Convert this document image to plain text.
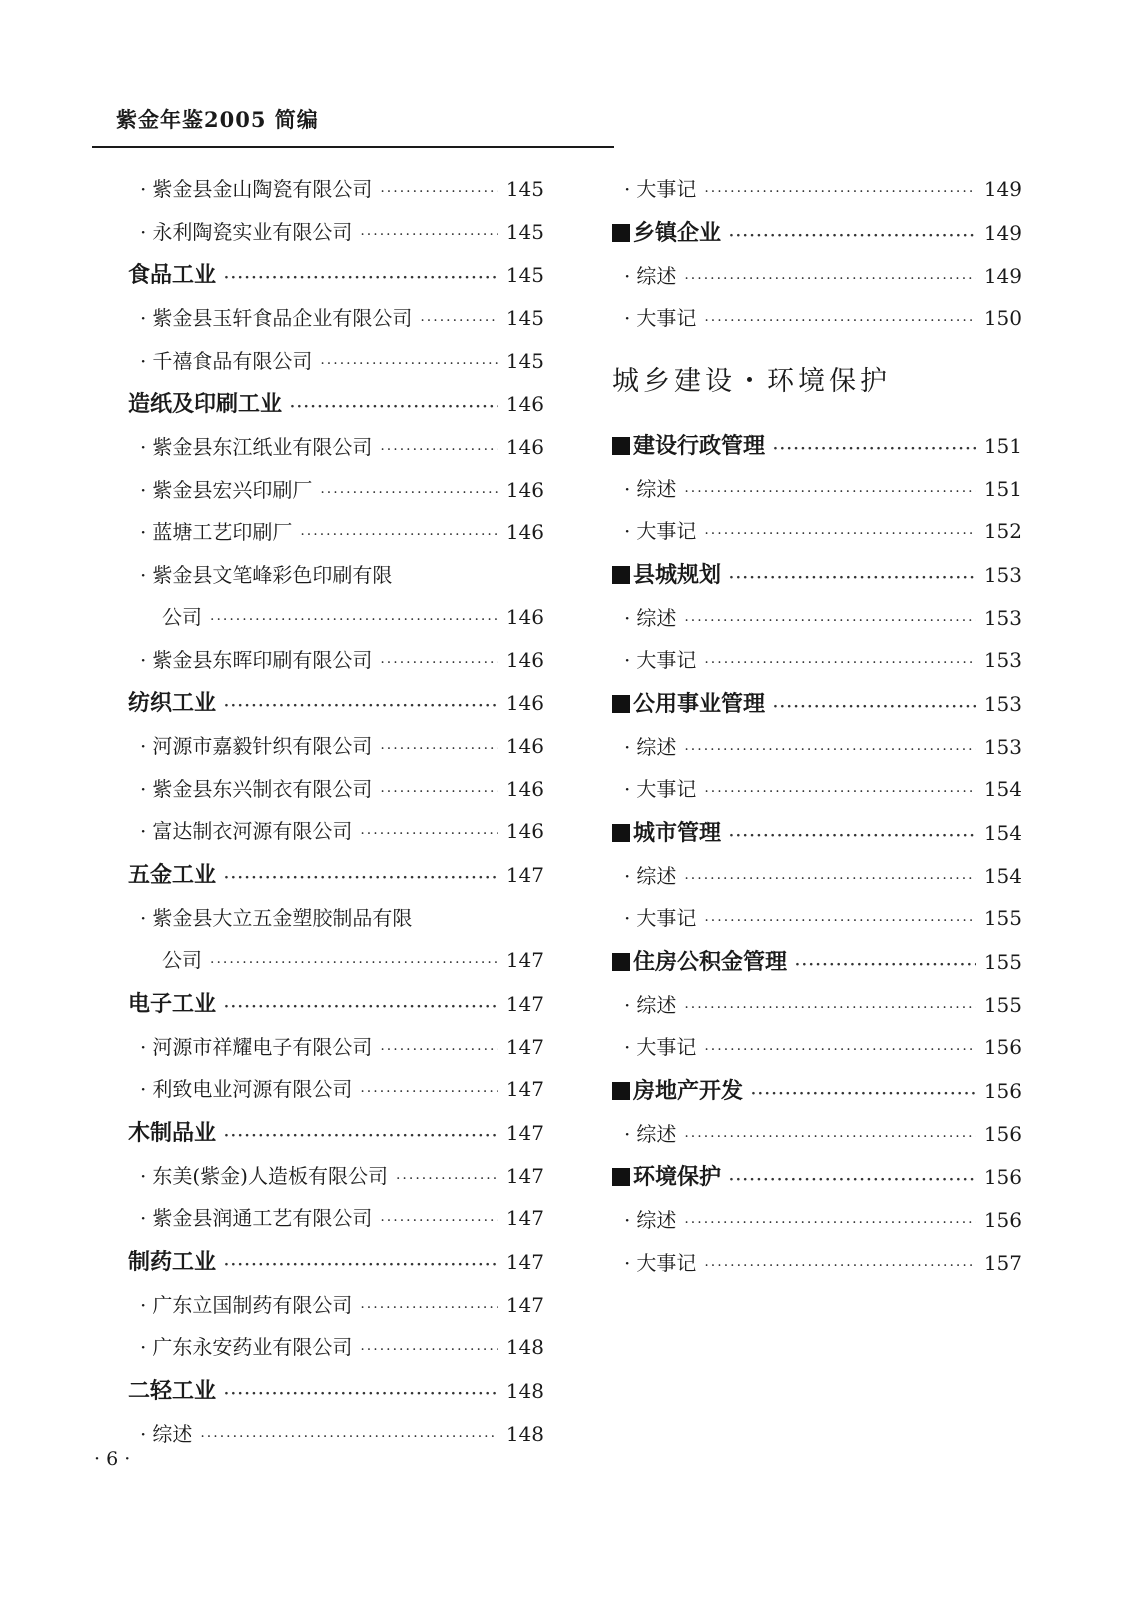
紫金年鉴2005 简编
· 紫金县金山陶瓷有限公司 ·····	145
· 永利陶瓷实业有限公司 ·····	145
食品工业 ·····	145
· 紫金县玉轩食品企业有限公司 ·····	145
· 千禧食品有限公司 ·····	145
造纸及印刷工业 ·····	146
· 紫金县东江纸业有限公司 ·····	146
· 紫金县宏兴印刷厂 ·····	146
· 蓝塘工艺印刷厂 ·····	146
· 紫金县文笔峰彩色印刷有限
公司 ·····	146
· 紫金县东晖印刷有限公司 ·····	146
纺织工业 ·····	146
· 河源市嘉毅针织有限公司 ·····	146
· 紫金县东兴制衣有限公司 ·····	146
· 富达制衣河源有限公司 ·····	146
五金工业 ·····	147
· 紫金县大立五金塑胶制品有限
公司 ·····	147
电子工业 ·····	147
· 河源市祥耀电子有限公司 ·····	147
· 利致电业河源有限公司 ·····	147
木制品业 ·····	147
· 东美(紫金)人造板有限公司 ·····	147
· 紫金县润通工艺有限公司 ·····	147
制药工业 ·····	147
· 广东立国制药有限公司 ·····	147
· 广东永安药业有限公司 ·····	148
二轻工业 ·····	148
· 综述 ·····	148
· 大事记 ·····	149
乡镇企业 ·····	149
· 综述 ·····	149
· 大事记 ·····	150
城乡建设・环境保护
建设行政管理 ·····	151
· 综述 ·····	151
· 大事记 ·····	152
县城规划 ·····	153
· 综述 ·····	153
· 大事记 ·····	153
公用事业管理 ·····	153
· 综述 ·····	153
· 大事记 ·····	154
城市管理 ·····	154
· 综述 ·····	154
· 大事记 ·····	155
住房公积金管理 ·····	155
· 综述 ·····	155
· 大事记 ·····	156
房地产开发 ·····	156
· 综述 ·····	156
环境保护 ·····	156
· 综述 ·····	156
· 大事记 ·····	157
· 6 ·
